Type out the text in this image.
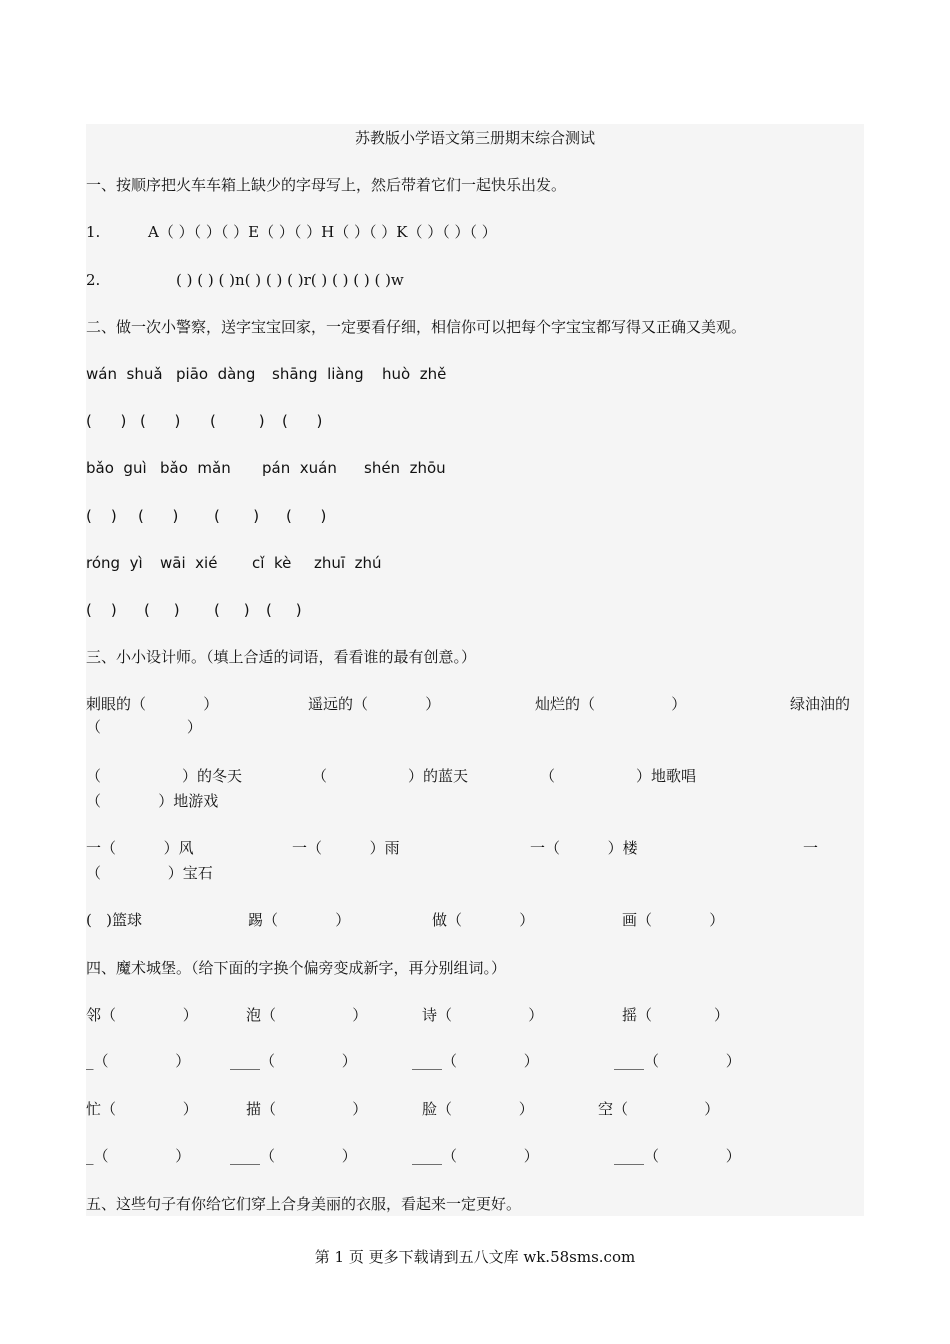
苏教版小学语文第三册期末综合测试
一、按顺序把火车车箱上缺少的字母写上，然后带着它们一起快乐出发。
1.	A（ ）（ ）（ ）E（ ）（ ）H（ ）（ ）K（ ）（ ）（ ）
2.	( ) ( ) ( )n( ) ( ) ( )r( ) ( ) ( ) ( )w
二、做一次小警察，送字宝宝回家，一定要看仔细，相信你可以把每个字宝宝都写得又正确又美观。
wán  shuǎ piāo  dàng shāng  liàng huò  zhě
(      ) (      ) (         ) (      )
bǎo  guì bǎo  mǎn pán  xuán shén  zhōu
(    ) (      ) (       ) (      )
róng  yì wāi  xié cǐ  kè zhuī  zhú
(    ) (     ) (     ) (     )
三、小小设计师。（填上合适的词语，看看谁的最有创意。）
刺眼的（            ）	遥远的（            ）	灿烂的（                ）	绿油油的
（                  ）
（                 ）的冬天	（                 ）的蓝天	（                 ）地歌唱
（            ）地游戏
一（          ）风	一（          ）雨	一（          ）楼	一
（              ）宝石
(   )篮球	踢（            ）	做（            ）	画（            ）
四、魔术城堡。（给下面的字换个偏旁变成新字，再分别组词。）
邻（              ）	泡（                ）	诗（                ）	摇（             ）
_（              ）	____（              ）	____（              ）	____（              ）
忙（              ）	描（                ）	脸（              ）	空（                ）
_（              ）	____（              ）	____（              ）	____（              ）
五、这些句子有你给它们穿上合身美丽的衣服，看起来一定更好。
第 1 页 更多下载请到五八文库 wk.58sms.com
